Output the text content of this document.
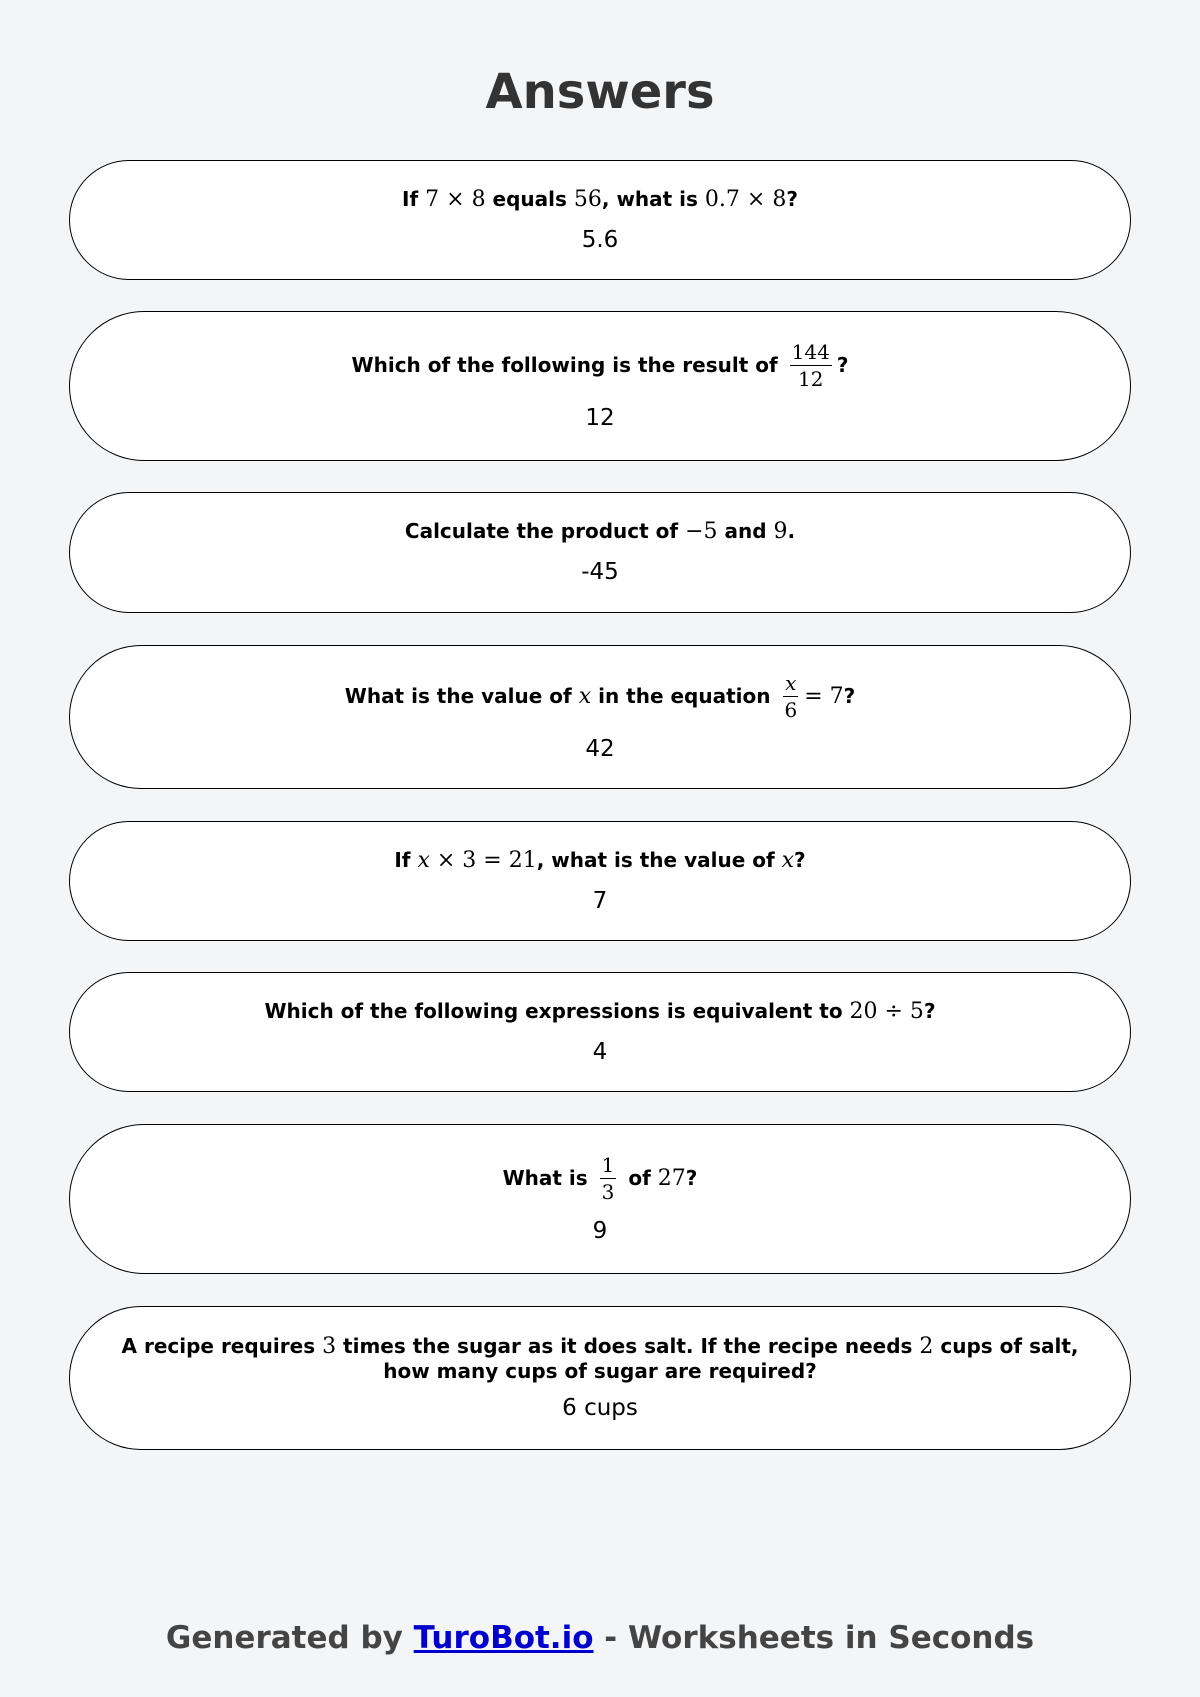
Answers
If 7 × 8 equals 56 , what is 0.7 × 8 ?
5.6
Which of the following is the result of $\frac{144}{12}$ ?
12
Calculate the product of −5 and 9 .
-45
What is the value of x in the equation $\frac{x}{6} = 7$ ?
42
If x × 3 = 21 , what is the value of x ?
7
Which of the following expressions is equivalent to 20 ÷ 5 ?
4
What is $\frac{1}{3}$ of 27 ?
9
A recipe requires 3 times the sugar as it does salt. If the recipe needs 2 cups of salt,
how many cups of sugar are required?
6 cups
Generated by TuroBot.io - Worksheets in Seconds
